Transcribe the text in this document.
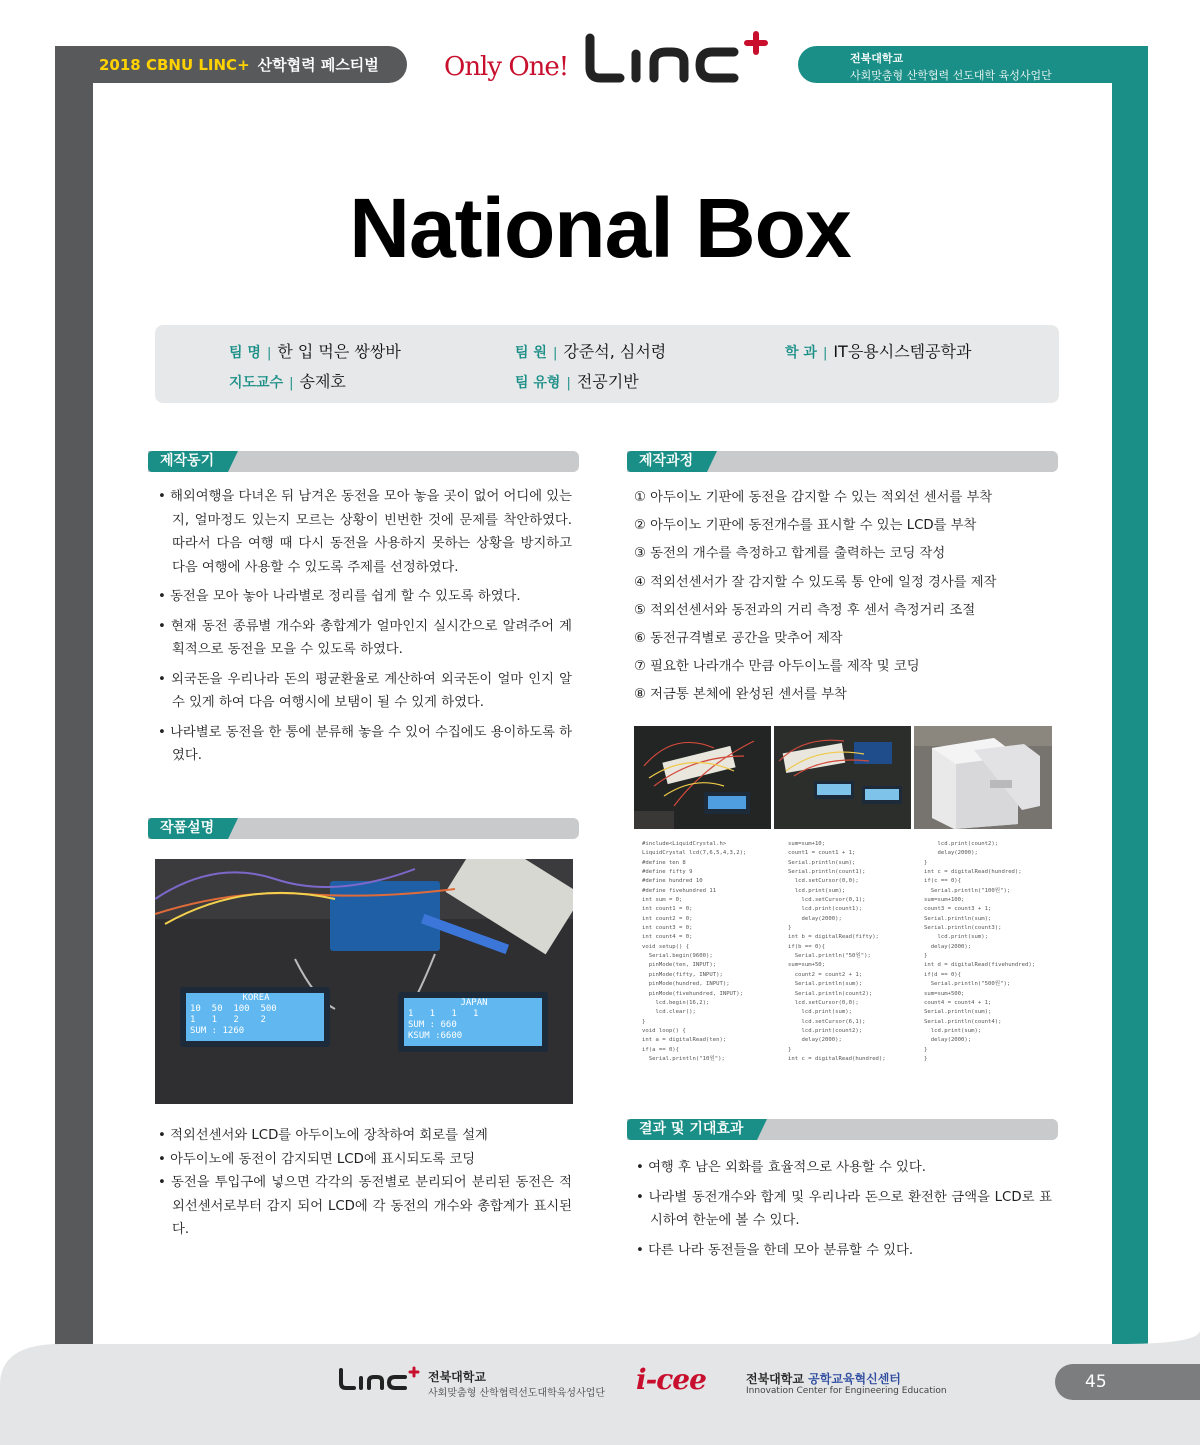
2018 CBNU LINC+ 산학협력 페스티벌	Only One!	전북대학교
사회맞춤형 산학협력 선도대학 육성사업단
National Box
팀 명 | 한 입 먹은 쌍쌍바	팀 원 | 강준석, 심서령	학 과 | IT응용시스템공학과
지도교수 | 송제호	팀 유형 | 전공기반
제작동기
• 해외여행을 다녀온 뒤 남겨온 동전을 모아 놓을 곳이 없어 어디에 있는지, 얼마정도 있는지 모르는 상황이 빈번한 것에 문제를 착안하였다. 따라서 다음 여행 때 다시 동전을 사용하지 못하는 상황을 방지하고 다음 여행에 사용할 수 있도록 주제를 선정하였다.
• 동전을 모아 놓아 나라별로 정리를 쉽게 할 수 있도록 하였다.
• 현재 동전 종류별 개수와 총합계가 얼마인지 실시간으로 알려주어 계획적으로 동전을 모을 수 있도록 하였다.
• 외국돈을 우리나라 돈의 평균환율로 계산하여 외국돈이 얼마 인지 알 수 있게 하여 다음 여행시에 보탬이 될 수 있게 하였다.
• 나라별로 동전을 한 통에 분류해 놓을 수 있어 수집에도 용이하도록 하였다.
제작과정
① 아두이노 기판에 동전을 감지할 수 있는 적외선 센서를 부착
② 아두이노 기판에 동전개수를 표시할 수 있는 LCD를 부착
③ 동전의 개수를 측정하고 합계를 출력하는 코딩 작성
④ 적외선센서가 잘 감지할 수 있도록 통 안에 일정 경사를 제작
⑤ 적외선센서와 동전과의 거리 측정 후 센서 측정거리 조절
⑥ 동전규격별로 공간을 맞추어 제작
⑦ 필요한 나라개수 만큼 아두이노를 제작 및 코딩
⑧ 저금통 본체에 완성된 센서를 부착
#include<LiquidCrystal.h>
LiquidCrystal lcd(7,6,5,4,3,2);
#define ten 8
#define fifty 9
#define hundred 10
#define fivehundred 11
int sum = 0;
int count1 = 0;
int count2 = 0;
int count3 = 0;
int count4 = 0;
void setup() {
Serial.begin(9600);
pinMode(ten, INPUT);
pinMode(fifty, INPUT);
pinMode(hundred, INPUT);
pinMode(fivehundred, INPUT);
lcd.begin(16,2);
lcd.clear();
}
void loop() {
int a = digitalRead(ten);
if(a == 0){
Serial.println("10원");
sum=sum+10;
count1 = count1 + 1;
Serial.println(sum);
Serial.println(count1);
lcd.setCursor(0,0);
lcd.print(sum);
lcd.setCursor(0,1);
lcd.print(count1);
delay(2000);
}
int b = digitalRead(fifty);
if(b == 0){
Serial.println("50원");
sum=sum+50;
count2 = count2 + 1;
Serial.println(sum);
Serial.println(count2);
lcd.setCursor(0,0);
lcd.print(sum);
lcd.setCursor(6,1);
lcd.print(count2);
delay(2000);
}
int c = digitalRead(hundred);
lcd.print(count2);
delay(2000);
}
int c = digitalRead(hundred);
if(c == 0){
Serial.println("100원");
sum=sum+100;
count3 = count3 + 1;
Serial.println(sum);
Serial.println(count3);
lcd.print(sum);
delay(2000);
}
int d = digitalRead(fivehundred);
if(d == 0){
Serial.println("500원");
sum=sum+500;
count4 = count4 + 1;
Serial.println(sum);
Serial.println(count4);
lcd.print(sum);
delay(2000);
}
}
작품설명
KOREA
10  50  100  500
1   1   2    2
SUM : 1260
JAPAN
1   1   1   1
SUM : 660
KSUM :6600
• 적외선센서와 LCD를 아두이노에 장착하여 회로를 설계
• 아두이노에 동전이 감지되면 LCD에 표시되도록 코딩
• 동전을 투입구에 넣으면 각각의 동전별로 분리되어 분리된 동전은 적외선센서로부터 감지 되어 LCD에 각 동전의 개수와 총합계가 표시된다.
결과 및 기대효과
• 여행 후 남은 외화를 효율적으로 사용할 수 있다.
• 나라별 동전개수와 합계 및 우리나라 돈으로 환전한 금액을 LCD로 표시하여 한눈에 볼 수 있다.
• 다른 나라 동전들을 한데 모아 분류할 수 있다.
전북대학교
사회맞춤형 산학협력선도대학육성사업단 i-cee	전북대학교 공학교육혁신센터
Innovation Center for Engineering Education	45
